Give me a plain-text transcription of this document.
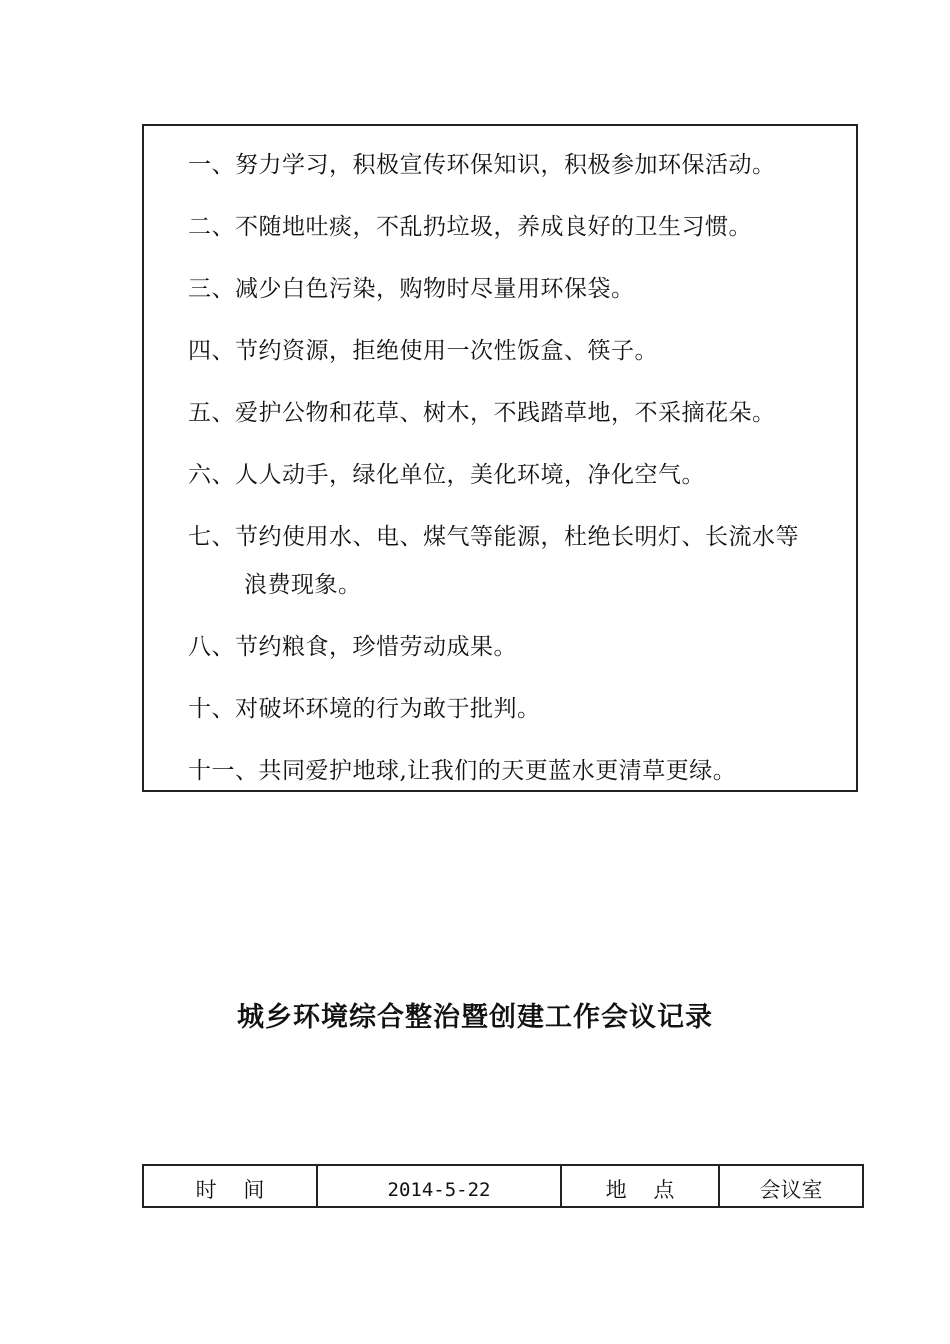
一、努力学习，积极宣传环保知识，积极参加环保活动。
二、不随地吐痰，不乱扔垃圾，养成良好的卫生习惯。
三、减少白色污染，购物时尽量用环保袋。
四、节约资源，拒绝使用一次性饭盒、筷子。
五、爱护公物和花草、树木，不践踏草地，不采摘花朵。
六、人人动手，绿化单位，美化环境，净化空气。
七、节约使用水、电、煤气等能源，杜绝长明灯、长流水等
浪费现象。
八、节约粮食，珍惜劳动成果。
十、对破坏环境的行为敢于批判。
十一、共同爱护地球,让我们的天更蓝水更清草更绿。
城乡环境综合整治暨创建工作会议记录
时    间	2014-5-22	地    点	会议室
